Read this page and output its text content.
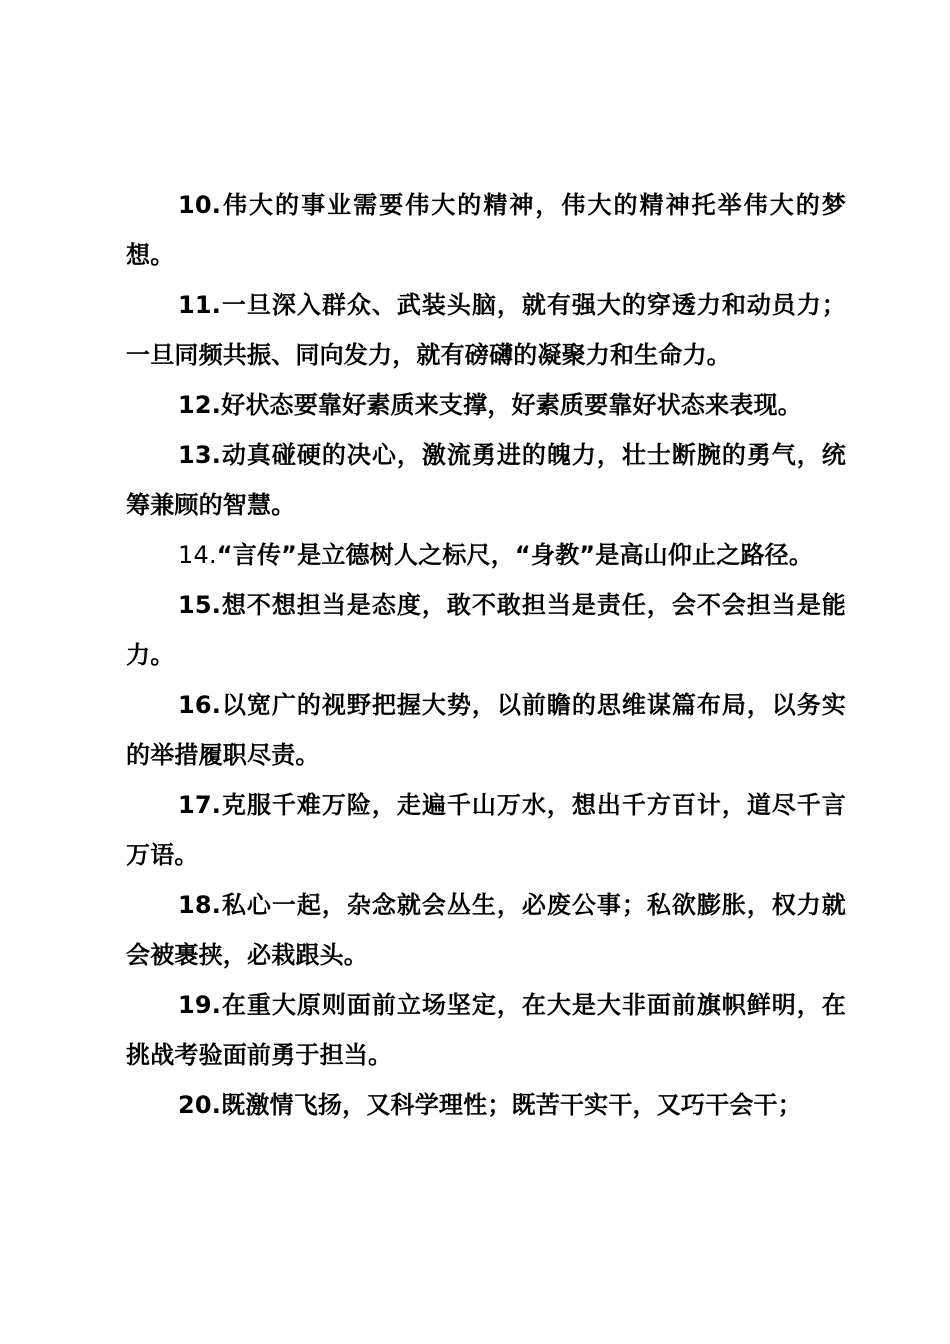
10.伟大的事业需要伟大的精神，伟大的精神托举伟大的梦想。

11.一旦深入群众、武装头脑，就有强大的穿透力和动员力；一旦同频共振、同向发力，就有磅礴的凝聚力和生命力。

12.好状态要靠好素质来支撑，好素质要靠好状态来表现。

13.动真碰硬的决心，激流勇进的魄力，壮士断腕的勇气，统筹兼顾的智慧。

14.“言传”是立德树人之标尺，“身教”是高山仰止之路径。

15.想不想担当是态度，敢不敢担当是责任，会不会担当是能力。

16.以宽广的视野把握大势，以前瞻的思维谋篇布局，以务实的举措履职尽责。

17.克服千难万险，走遍千山万水，想出千方百计，道尽千言万语。

18.私心一起，杂念就会丛生，必废公事；私欲膨胀，权力就会被裹挟，必栽跟头。

19.在重大原则面前立场坚定，在大是大非面前旗帜鲜明，在挑战考验面前勇于担当。

20.既激情飞扬，又科学理性；既苦干实干，又巧干会干；
